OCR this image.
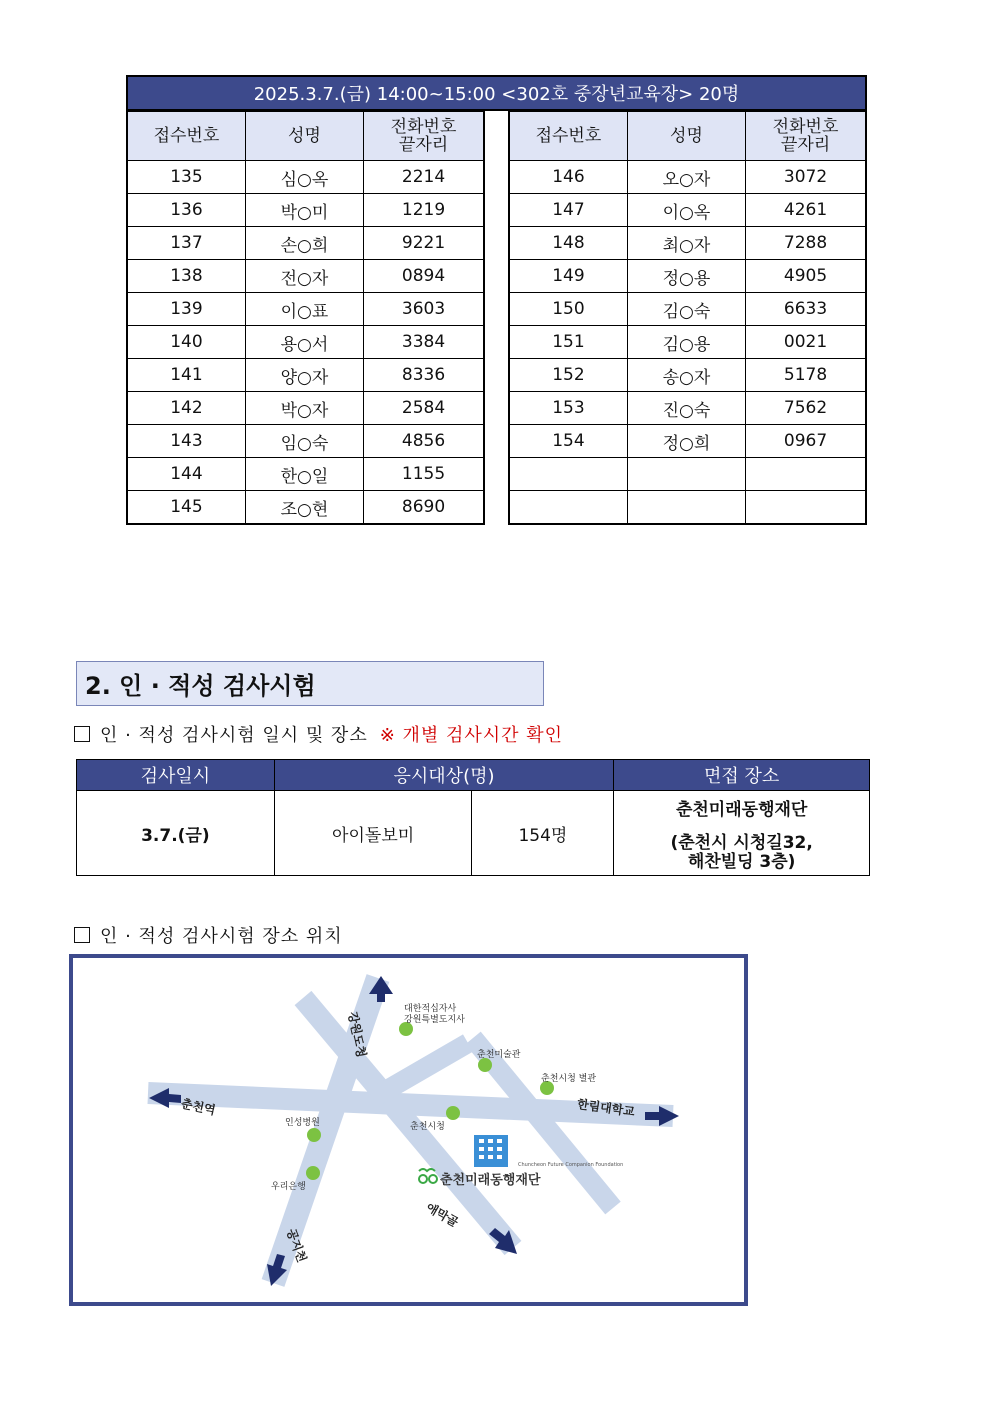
2025.3.7.(금) 14:00~15:00 <302호 중장년교육장> 20명
접수번호	성명	전화번호
끝자리
135	심○옥	2214
136	박○미	1219
137	손○희	9221
138	전○자	0894
139	이○표	3603
140	용○서	3384
141	양○자	8336
142	박○자	2584
143	임○숙	4856
144	한○일	1155
145	조○현	8690
접수번호	성명	전화번호
끝자리
146	오○자	3072
147	이○옥	4261
148	최○자	7288
149	정○용	4905
150	김○숙	6633
151	김○용	0021
152	송○자	5178
153	진○숙	7562
154	정○희	0967

2. 인 · 적성 검사시험
인 · 적성 검사시험 일시 및 장소 ※ 개별 검사시간 확인
검사일시	응시대상(명)		면접 장소
3.7.(금)	아이돌보미	154명	춘천미래동행재단
(춘천시 시청길32,
해찬빌딩 3층)
인 · 적성 검사시험 장소 위치
강원도청
춘천역	한림대학교
공지천
애막골
대한적십자사
강원특별도지사
춘천미술관
춘천시청 별관
춘천시청
인성병원
우리은행
Chuncheon Future Companion Foundation
춘천미래동행재단
